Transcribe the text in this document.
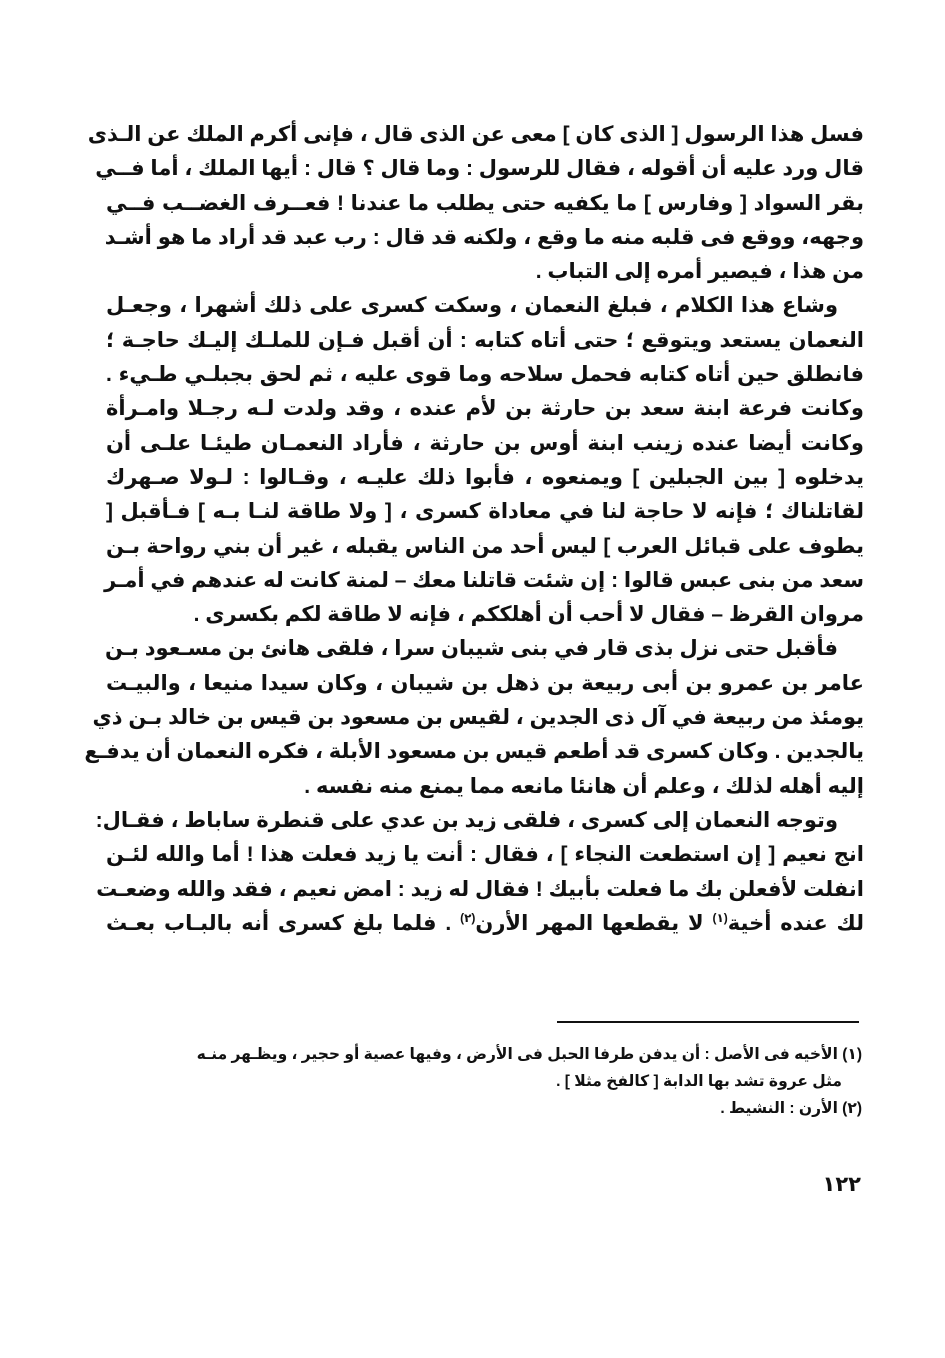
فسل هذا الرسول [ الذى كان ] معى عن الذى قال ، فإنى أكرم الملك عن الـذى
قال ورد عليه أن أقوله ، فقال للرسول : وما قال ؟ قال : أيها الملك ، أما فــي
بقر السواد [ وفارس ] ما يكفيه حتى يطلب ما عندنا ! فعــرف الغضــب فــي
وجهه، ووقع فى قلبه منه ما وقع ، ولكنه قد قال : رب عبد قد أراد ما هو أشـد
من هذا ، فيصير أمره إلى التباب .
وشاع هذا الكلام ، فبلغ النعمان ، وسكت كسرى على ذلك أشهرا ، وجعـل
النعمان يستعد ويتوقع ؛ حتى أتاه كتابه : أن أقبل فـإن للملـك إليـك حاجـة ؛
فانطلق حين أتاه كتابه فحمل سلاحه وما قوى عليه ، ثم لحق بجبلـي طـيء .
وكانت فرعة ابنة سعد بن حارثة بن لأم عنده ، وقد ولدت لـه رجـلا وامـرأة
وكانت أيضا عنده زينب ابنة أوس بن حارثة ، فأراد النعمـان طيئـا علـى أن
يدخلوه [ بين الجبلين ] ويمنعوه ، فأبوا ذلك عليـه ، وقـالوا : لـولا صـهرك
لقاتلناك ؛ فإنه لا حاجة لنا في معاداة كسرى ، [ ولا طاقة لنـا بـه ] فـأقبل [
يطوف على قبائل العرب ] ليس أحد من الناس يقبله ، غير أن بني رواحة بـن
سعد من بنى عبس قالوا : إن شئت قاتلنا معك – لمنة كانت له عندهم في أمـر
مروان القرظ – فقال لا أحب أن أهلككم ، فإنه لا طاقة لكم بكسرى .
فأقبل حتى نزل بذى قار في بنى شيبان سرا ، فلقى هانئ بن مسـعود بـن
عامر بن عمرو بن أبى ربيعة بن ذهل بن شيبان ، وكان سيدا منيعا ، والبيـت
يومئذ من ربيعة في آل ذى الجدين ، لقيس بن مسعود بن قيس بن خالد بـن ذي
يالجدين . وكان كسرى قد أطعم قيس بن مسعود الأبلة ، فكره النعمان أن يدفـع
إليه أهله لذلك ، وعلم أن هانئا مانعه مما يمنع منه نفسه .
وتوجه النعمان إلى كسرى ، فلقى زيد بن عدي على قنطرة ساباط ، فقـال:
انج نعيم [ إن استطعت النجاء ] ، فقال : أنت يا زيد فعلت هذا ! أما والله لئـن
انفلت لأفعلن بك ما فعلت بأبيك ! فقال له زيد : امض نعيم ، فقد والله وضعـت
لك عنده أخية$^{(١)}$ لا يقطعها المهر الأرن$^{(٢)}$ . فلما بلغ كسرى أنه بالبـاب بعـث
(١) الأخيه فى الأصل : أن يدفن طرفا الحبل فى الأرض ، وفيها عصية أو حجير ، ويظـهر منـه
مثل عروة تشد بها الدابة [ كالفخ مثلا ] .
(٢) الأرن : النشيط .
١٢٢
